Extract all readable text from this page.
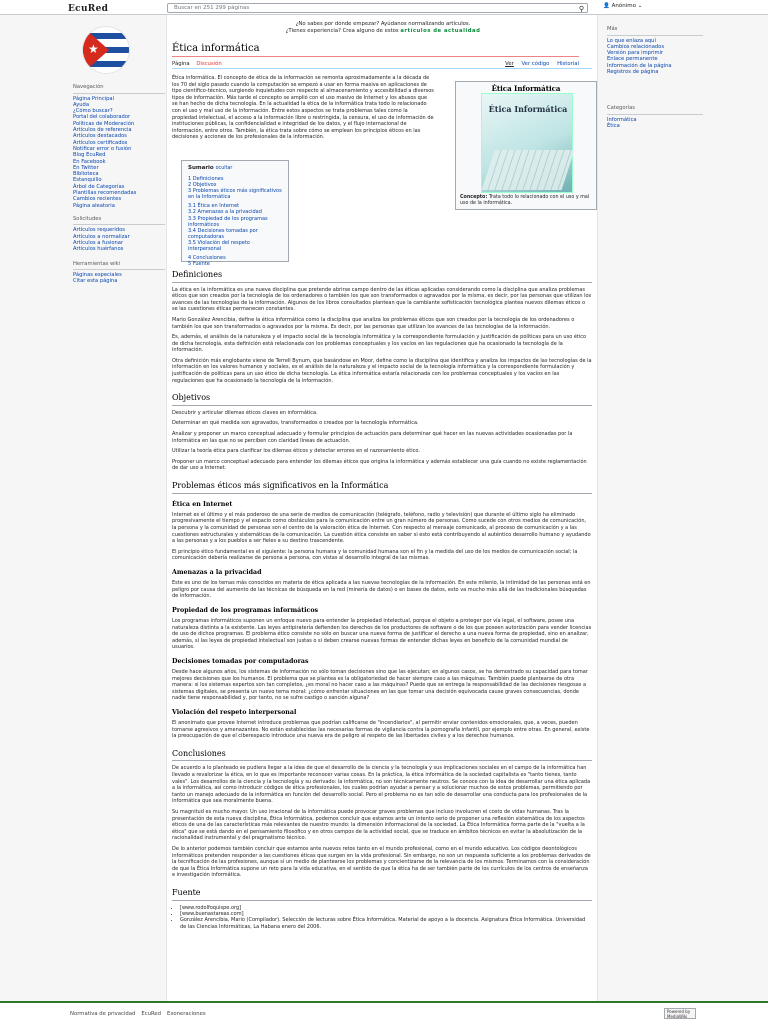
EcuRed	Buscar en 251 299 páginas	⚲	👤 Anónimo ⌄
★
Navegación
Página Principal
Ayuda
¿Cómo buscar?
Portal del colaborador
Políticas de Moderación
Artículos de referencia
Artículos destacados
Artículos certificados
Notificar error o fusión
Blog EcuRed
En Facebook
En Twitter
Biblioteca
Estanquillo
Árbol de Categorías
Plantillas recomendadas
Cambios recientes
Página aleatoria
Solicitudes
Artículos requeridos
Artículos a normalizar
Artículos a fusionar
Artículos huérfanos
Herramientas wiki
Páginas especiales
Citar esta página
¿No sabes por dónde empezar? Ayúdanos normalizando artículos.
¿Tienes experiencia? Crea alguno de estos artículos de actualidad
Ética informática
Página Discusión	Ver Ver código Historial

Ética informática. El concepto de ética de la información se remonta aproximadamente a la década de los 70 del siglo pasado cuando la computación se empezó a usar en forma masiva en aplicaciones de tipo científico-técnico, surgiendo inquietudes con respecto al almacenamiento y accesibilidad a diversos tipos de información. Más tarde el concepto se amplió con el uso masivo de Internet y los abusos que se han hecho de dicha tecnología. En la actualidad la ética de la informática trata todo lo relacionado con el uso y mal uso de la información. Entre estos aspectos se trata problemas tales como la propiedad intelectual, el acceso a la información libre o restringida, la censura, el uso de información de instituciones públicas, la confidencialidad e integridad de los datos, y el flujo internacional de información, entre otros. También, la ética trata sobre cómo se emplean los principios éticos en las decisiones y acciones de los profesionales de la información.

Definiciones

La ética en la informática es una nueva disciplina que pretende abrirse campo dentro de las éticas aplicadas considerando como la disciplina que analiza problemas éticos que son creados por la tecnología de los ordenadores o también los que son transformados o agravados por la misma, es decir, por las personas que utilizan los avances de las tecnologías de la información. Algunos de los libros consultados plantean que la cambiante sofisticación tecnológica plantea nuevos dilemas éticos o se las cuestiones éticas permanecen constantes.

Mario González Arencibia, define la ética informática como la disciplina que analiza los problemas éticos que son creados por la tecnología de los ordenadores o también los que son transformados o agravados por la misma. Es decir, por las personas que utilizan los avances de las tecnologías de la información.

Es, además, el análisis de la naturaleza y el impacto social de la tecnología informática y la correspondiente formulación y justificación de políticas para un uso ético de dicha tecnología, esta definición está relacionada con los problemas conceptuales y los vacíos en las regulaciones que ha ocasionado la tecnología de la información.

Otra definición más englobante viene de Terrell Bynum, que basándose en Moor, define como la disciplina que identifica y analiza los impactos de las tecnologías de la información en los valores humanos y sociales, es el análisis de la naturaleza y el impacto social de la tecnología informática y la correspondiente formulación y justificación de políticas para un uso ético de dicha tecnología. La ética informática estaría relacionada con los problemas conceptuales y los vacíos en las regulaciones que ha ocasionado la tecnología de la información.

Objetivos

Descubrir y articular dilemas éticos claves en informática.

Determinar en qué medida son agravados, transformados o creados por la tecnología informática.

Analizar y proponer un marco conceptual adecuado y formular principios de actuación para determinar qué hacer en las nuevas actividades ocasionadas por la informática en las que no se perciben con claridad líneas de actuación.

Utilizar la teoría ética para clarificar los dilemas éticos y detectar errores en el razonamiento ético.

Proponer un marco conceptual adecuado para entender los dilemas éticos que origina la informática y además establecer una guía cuando no existe reglamentación de dar uso a Internet.

Problemas éticos más significativos en la Informática
Ética en Internet

Internet es el último y el más poderoso de una serie de medios de comunicación (telégrafo, teléfono, radio y televisión) que durante el último siglo ha eliminado progresivamente el tiempo y el espacio como obstáculos para la comunicación entre un gran número de personas. Como sucede con otros medios de comunicación, la persona y la comunidad de personas son el centro de la valoración ética de Internet. Con respecto al mensaje comunicado, al proceso de comunicación y a las cuestiones estructurales y sistemáticas de la comunicación. La cuestión ética consiste en saber si esto está contribuyendo al auténtico desarrollo humano y ayudando a las personas y a los pueblos a ser fieles a su destino trascendente.

El principio ético fundamental es el siguiente: la persona humana y la comunidad humana son el fin y la medida del uso de los medios de comunicación social; la comunicación debería realizarse de persona a persona, con vistas al desarrollo integral de las mismas.

Amenazas a la privacidad

Este es uno de los temas más conocidos en materia de ética aplicada a las nuevas tecnologías de la información. En este milenio, la intimidad de las personas está en peligro por causa del aumento de las técnicas de búsqueda en la red (minería de datos) o en bases de datos, esto va mucho más allá de las tradicionales búsquedas de información.

Propiedad de los programas informáticos

Los programas informáticos suponen un enfoque nuevo para entender la propiedad intelectual, porque el objeto a proteger por vía legal, el software, posee una naturaleza distinta a la existente. Las leyes antipiratería defienden los derechos de los productores de software o de los que poseen autorización para vender licencias de uso de dichos programas. El problema ético consiste no sólo en buscar una nueva forma de justificar el derecho a una nueva forma de propiedad, sino en analizar, además, si las leyes de propiedad intelectual son justas o si deben crearse nuevas formas de entender dichas leyes en beneficio de la comunidad mundial de usuarios.

Decisiones tomadas por computadoras

Desde hace algunos años, los sistemas de información no sólo toman decisiones sino que las ejecutan; en algunos casos, se ha demostrado su capacidad para tomar mejores decisiones que los humanos. El problema que se plantea es la obligatoriedad de hacer siempre caso a las máquinas. También puede plantearse de otra manera: si los sistemas expertos son tan completos, ¿es moral no hacer caso a las máquinas? Puede que se entrega la responsabilidad de las decisiones riesgosas a sistemas digitales, se presenta un nuevo tema moral: ¿cómo enfrentar situaciones en las que tomar una decisión equivocada cause graves consecuencias, donde nadie tiene responsabilidad y, por tanto, no se sufre castigo o sanción alguna?

Violación del respeto interpersonal

El anonimato que provee Internet introduce problemas que podrían calificarse de "incendiarios", al permitir enviar contenidos emocionales, que, a veces, pueden tornarse agresivos y amenazantes. No están establecidas las necesarias formas de vigilancia contra la pornografía infantil, por ejemplo entre otras. En general, existe la preocupación de que el ciberespacio introduce una nueva era de peligro al respeto de las libertades civiles y a los derechos humanos.

Conclusiones

De acuerdo a lo planteado se pudiera llegar a la idea de que el desarrollo de la ciencia y la tecnología y sus implicaciones sociales en el campo de la informática han llevado a revalorizar la ética, en lo que es importante reconocer varias cosas. En la práctica, la ética informática de la sociedad capitalista es "tanto tienes, tanto vales". Los desarrollos de la ciencia y la tecnología y su derivado: la informática, no son técnicamente neutros. Se conoce con la idea de desarrollar una ética aplicada a la informática, así como introducir códigos de ética profesionales, los cuales podrían ayudar a pensar y a solucionar muchos de estos problemas, permitiendo por tanto un manejo adecuado de la informática en función del desarrollo social. Pero el problema no es tan sólo de desarrollar una conducta para los profesionales de la informática que sea moralmente buena.

Su magnitud es mucho mayor. Un uso irracional de la informática puede provocar graves problemas que incluso involucren el costo de vidas humanas. Tras la presentación de esta nueva disciplina, Ética Informática, podemos concluir que estamos ante un intento serio de proponer una reflexión sistemática de los aspectos éticos de una de las características más relevantes de nuestro mundo: la dimensión informacional de la sociedad. La Ética Informática forma parte de la "vuelta a la ética" que se está dando en el pensamiento filosófico y en otros campos de la actividad social, que se traduce en ámbitos técnicos en evitar la absolutización de la racionalidad instrumental y del pragmatismo técnico.

De lo anterior podemos también concluir que estamos ante nuevos retos tanto en el mundo profesional, como en el mundo educativo. Los códigos deontológicos informáticos pretenden responder a las cuestiones éticas que surgen en la vida profesional. Sin embargo, no son un respuesta suficiente a los problemas derivados de la tecnificación de las profesiones, aunque sí un medio de plantearse los problemas y concientizarse de la relevancia de los mismos. Terminamos con la consideración de que la Ética Informática supone un reto para la vida educativa, en el sentido de que la ética ha de ser también parte de los currículos de los centros de enseñanza e investigación informática.

Fuente
• [www.rodolfoquispe.org]
• [www.buenastareas.com]
• González Arencibia, Mario (Compilador). Selección de lecturas sobre Ética Informática. Material de apoyo a la docencia. Asignatura Ética Informática. Universidad de las Ciencias Informáticas, La Habana enero del 2006.
Ética Informática
Ética Informática
Concepto: Trata todo lo relacionado con el uso y mal uso de la informática.
Sumario ocultar
1 Definiciones
2 Objetivos
3 Problemas éticos más significativos en la Informática
3.1 Ética en Internet
3.2 Amenazas a la privacidad
3.3 Propiedad de los programas informáticos
3.4 Decisiones tomadas por computadoras
3.5 Violación del respeto interpersonal
4 Conclusiones
5 Fuente
Más
Lo que enlaza aquí
Cambios relacionados
Versión para imprimir
Enlace permanente
Información de la página
Registros de página
Categorías
Informática
Ética
Normativa de privacidad EcuRed Exoneraciones	Powered by MediaWiki
